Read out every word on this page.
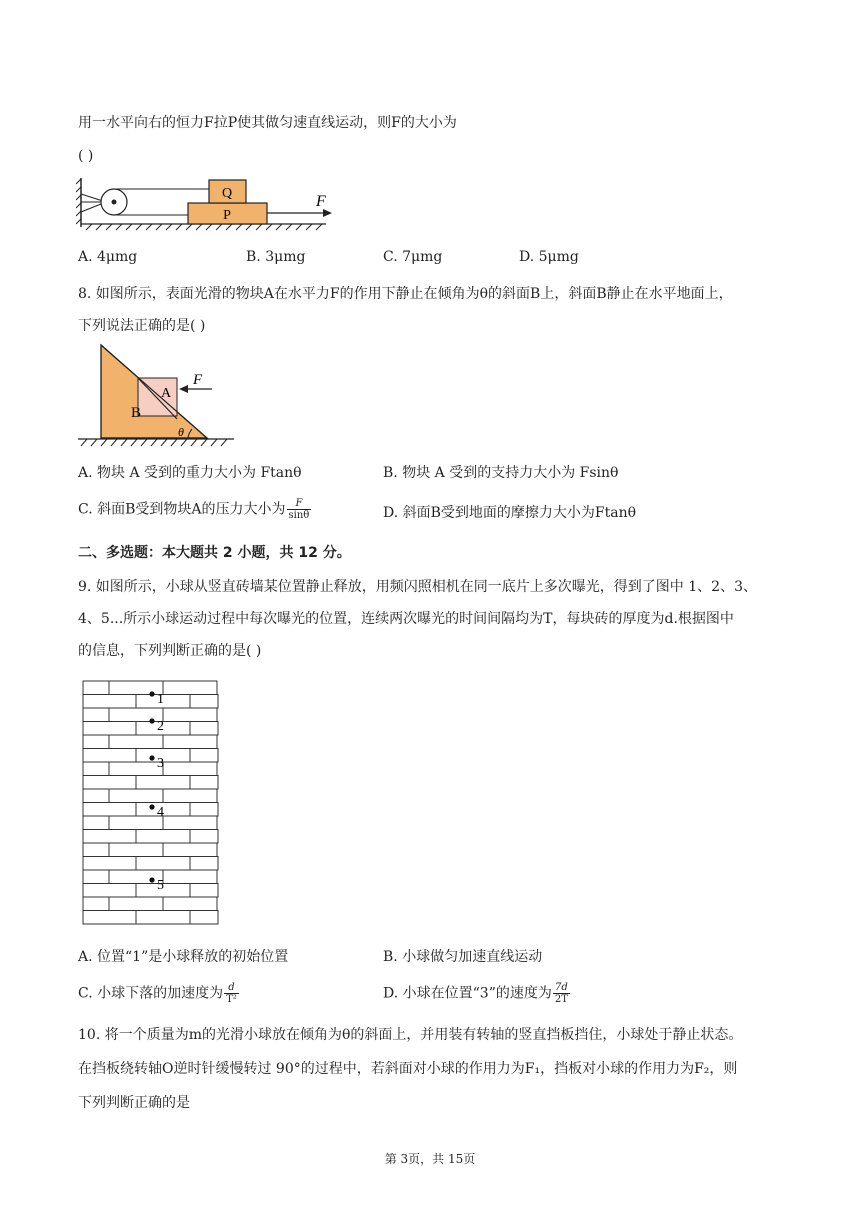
用一水平向右的恒力F拉P使其做匀速直线运动，则F的大小为
( )
P
Q	F
A. 4μmg	B. 3μmg	C. 7μmg	D. 5μmg
8. 如图所示，表面光滑的物块A在水平力F的作用下静止在倾角为θ的斜面B上，斜面B静止在水平地面上，
下列说法正确的是( )
F
B
A
θ
A. 物块 A 受到的重力大小为 Ftanθ	B. 物块 A 受到的支持力大小为 Fsinθ
C. 斜面B受到物块A的压力大小为 $\frac{F}{\sin\theta}$	D. 斜面B受到地面的摩擦力大小为Ftanθ
二、多选题：本大题共 2 小题，共 12 分。
9. 如图所示，小球从竖直砖墙某位置静止释放，用频闪照相机在同一底片上多次曝光，得到了图中 1、2、3、
4、5...所示小球运动过程中每次曝光的位置，连续两次曝光的时间间隔均为T，每块砖的厚度为d.根据图中
的信息，下列判断正确的是( )
1
2
3
4
5
A. 位置“1”是小球释放的初始位置	B. 小球做匀加速直线运动
C. 小球下落的加速度为 $\frac{d}{\text{T²}}$	D. 小球在位置“3”的速度为 $\frac{7d}{2T}$
10. 将一个质量为m的光滑小球放在倾角为θ的斜面上，并用装有转轴的竖直挡板挡住，小球处于静止状态。
在挡板绕转轴O逆时针缓慢转过 90°的过程中，若斜面对小球的作用力为F₁，挡板对小球的作用力为F₂，则
下列判断正确的是
第 3页，共 15页
